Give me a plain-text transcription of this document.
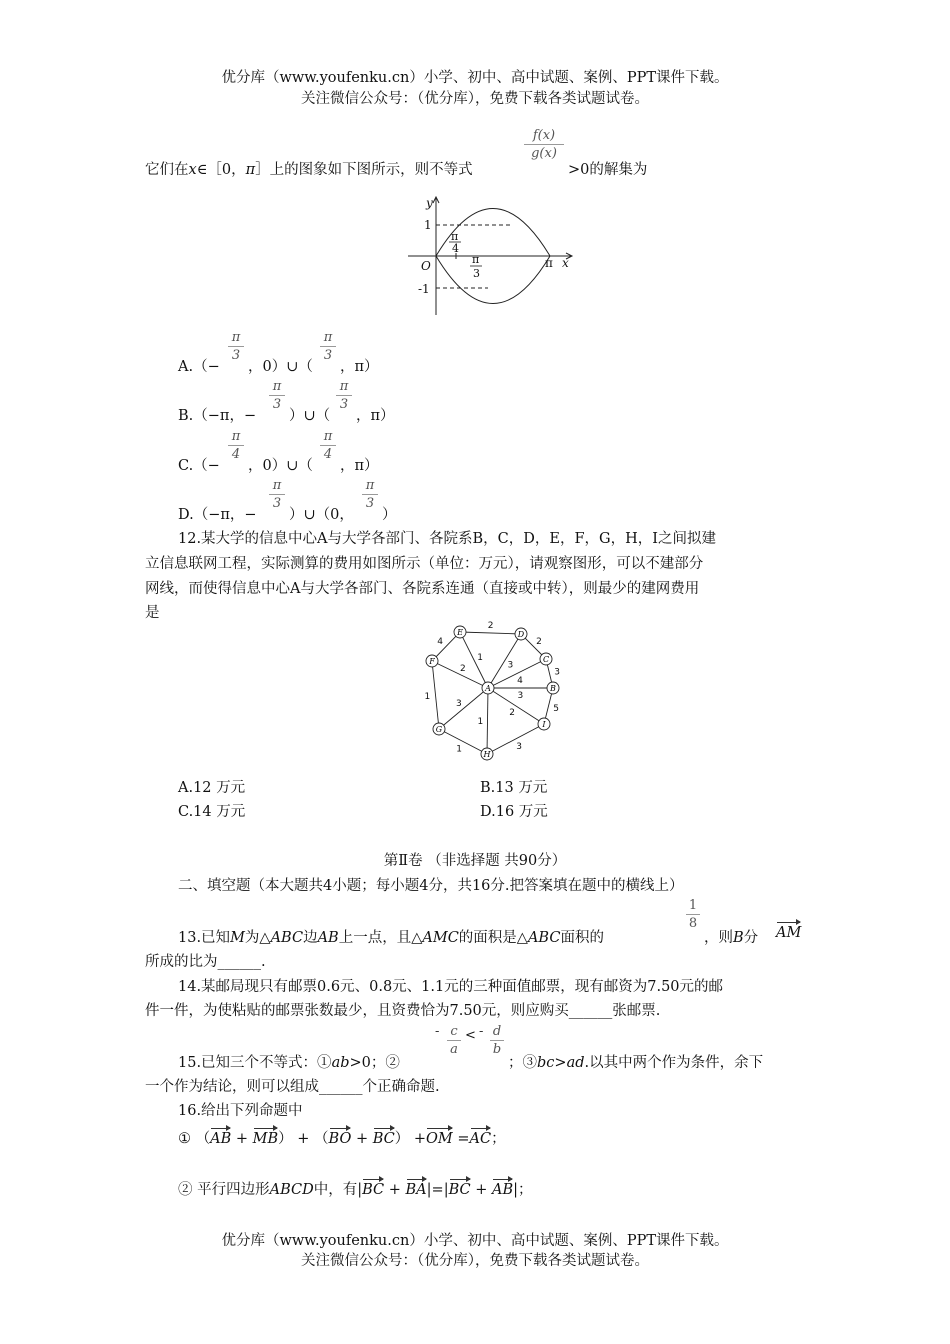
优分库（www.youfenku.cn）小学、初中、高中试题、案例、PPT课件下载。
关注微信公众号：（优分库），免费下载各类试题试卷。
f(x)
g(x)
它们在x∈［0，π］上的图象如下图所示，则不等式	>0的解集为
y
x
O
1
-1
π
π
4
π
3
π
3
π
3
A.（− ，0）∪（ ，π）
π
3
π
3
B.（−π，− ）∪（ ，π）
π
4
π
4
C.（− ，0）∪（ ，π）
π
3
π
3
D.（−π，− ）∪（0， ）
12.某大学的信息中心A与大学各部门、各院系B，C，D，E，F，G，H，I之间拟建
立信息联网工程，实际测算的费用如图所示（单位：万元），请观察图形，可以不建部分
网线，而使得信息中心A与大学各部门、各院系连通（直接或中转），则最少的建网费用
是
2
2
3
5
3
1
1
4
1
3
4
3
2
1
3
2
A	B
C
D
E
F
G
H
I
A.12 万元	B.13 万元
C.14 万元	D.16 万元
第Ⅱ卷 （非选择题 共90分）
二、填空题（本大题共4小题；每小题4分，共16分.把答案填在题中的横线上）
1
8
13.已知M为△ABC边AB上一点，且△AMC的面积是△ABC面积的	，则B分 AM
所成的比为______.
14.某邮局现只有邮票0.6元、0.8元、1.1元的三种面值邮票，现有邮资为7.50元的邮
件一件，为使粘贴的邮票张数最少，且资费恰为7.50元，则应购买______张邮票.
- c
a
< - d
b
15.已知三个不等式：①ab>0；②	；③bc>ad.以其中两个作为条件，余下
一个作为结论，则可以组成______个正确命题.
16.给出下列命题中
① （AB + MB） + （BO + BC） +OM =AC；
② 平行四边形ABCD中，有|BC + BA|=|BC + AB|；
优分库（www.youfenku.cn）小学、初中、高中试题、案例、PPT课件下载。
关注微信公众号：（优分库），免费下载各类试题试卷。
